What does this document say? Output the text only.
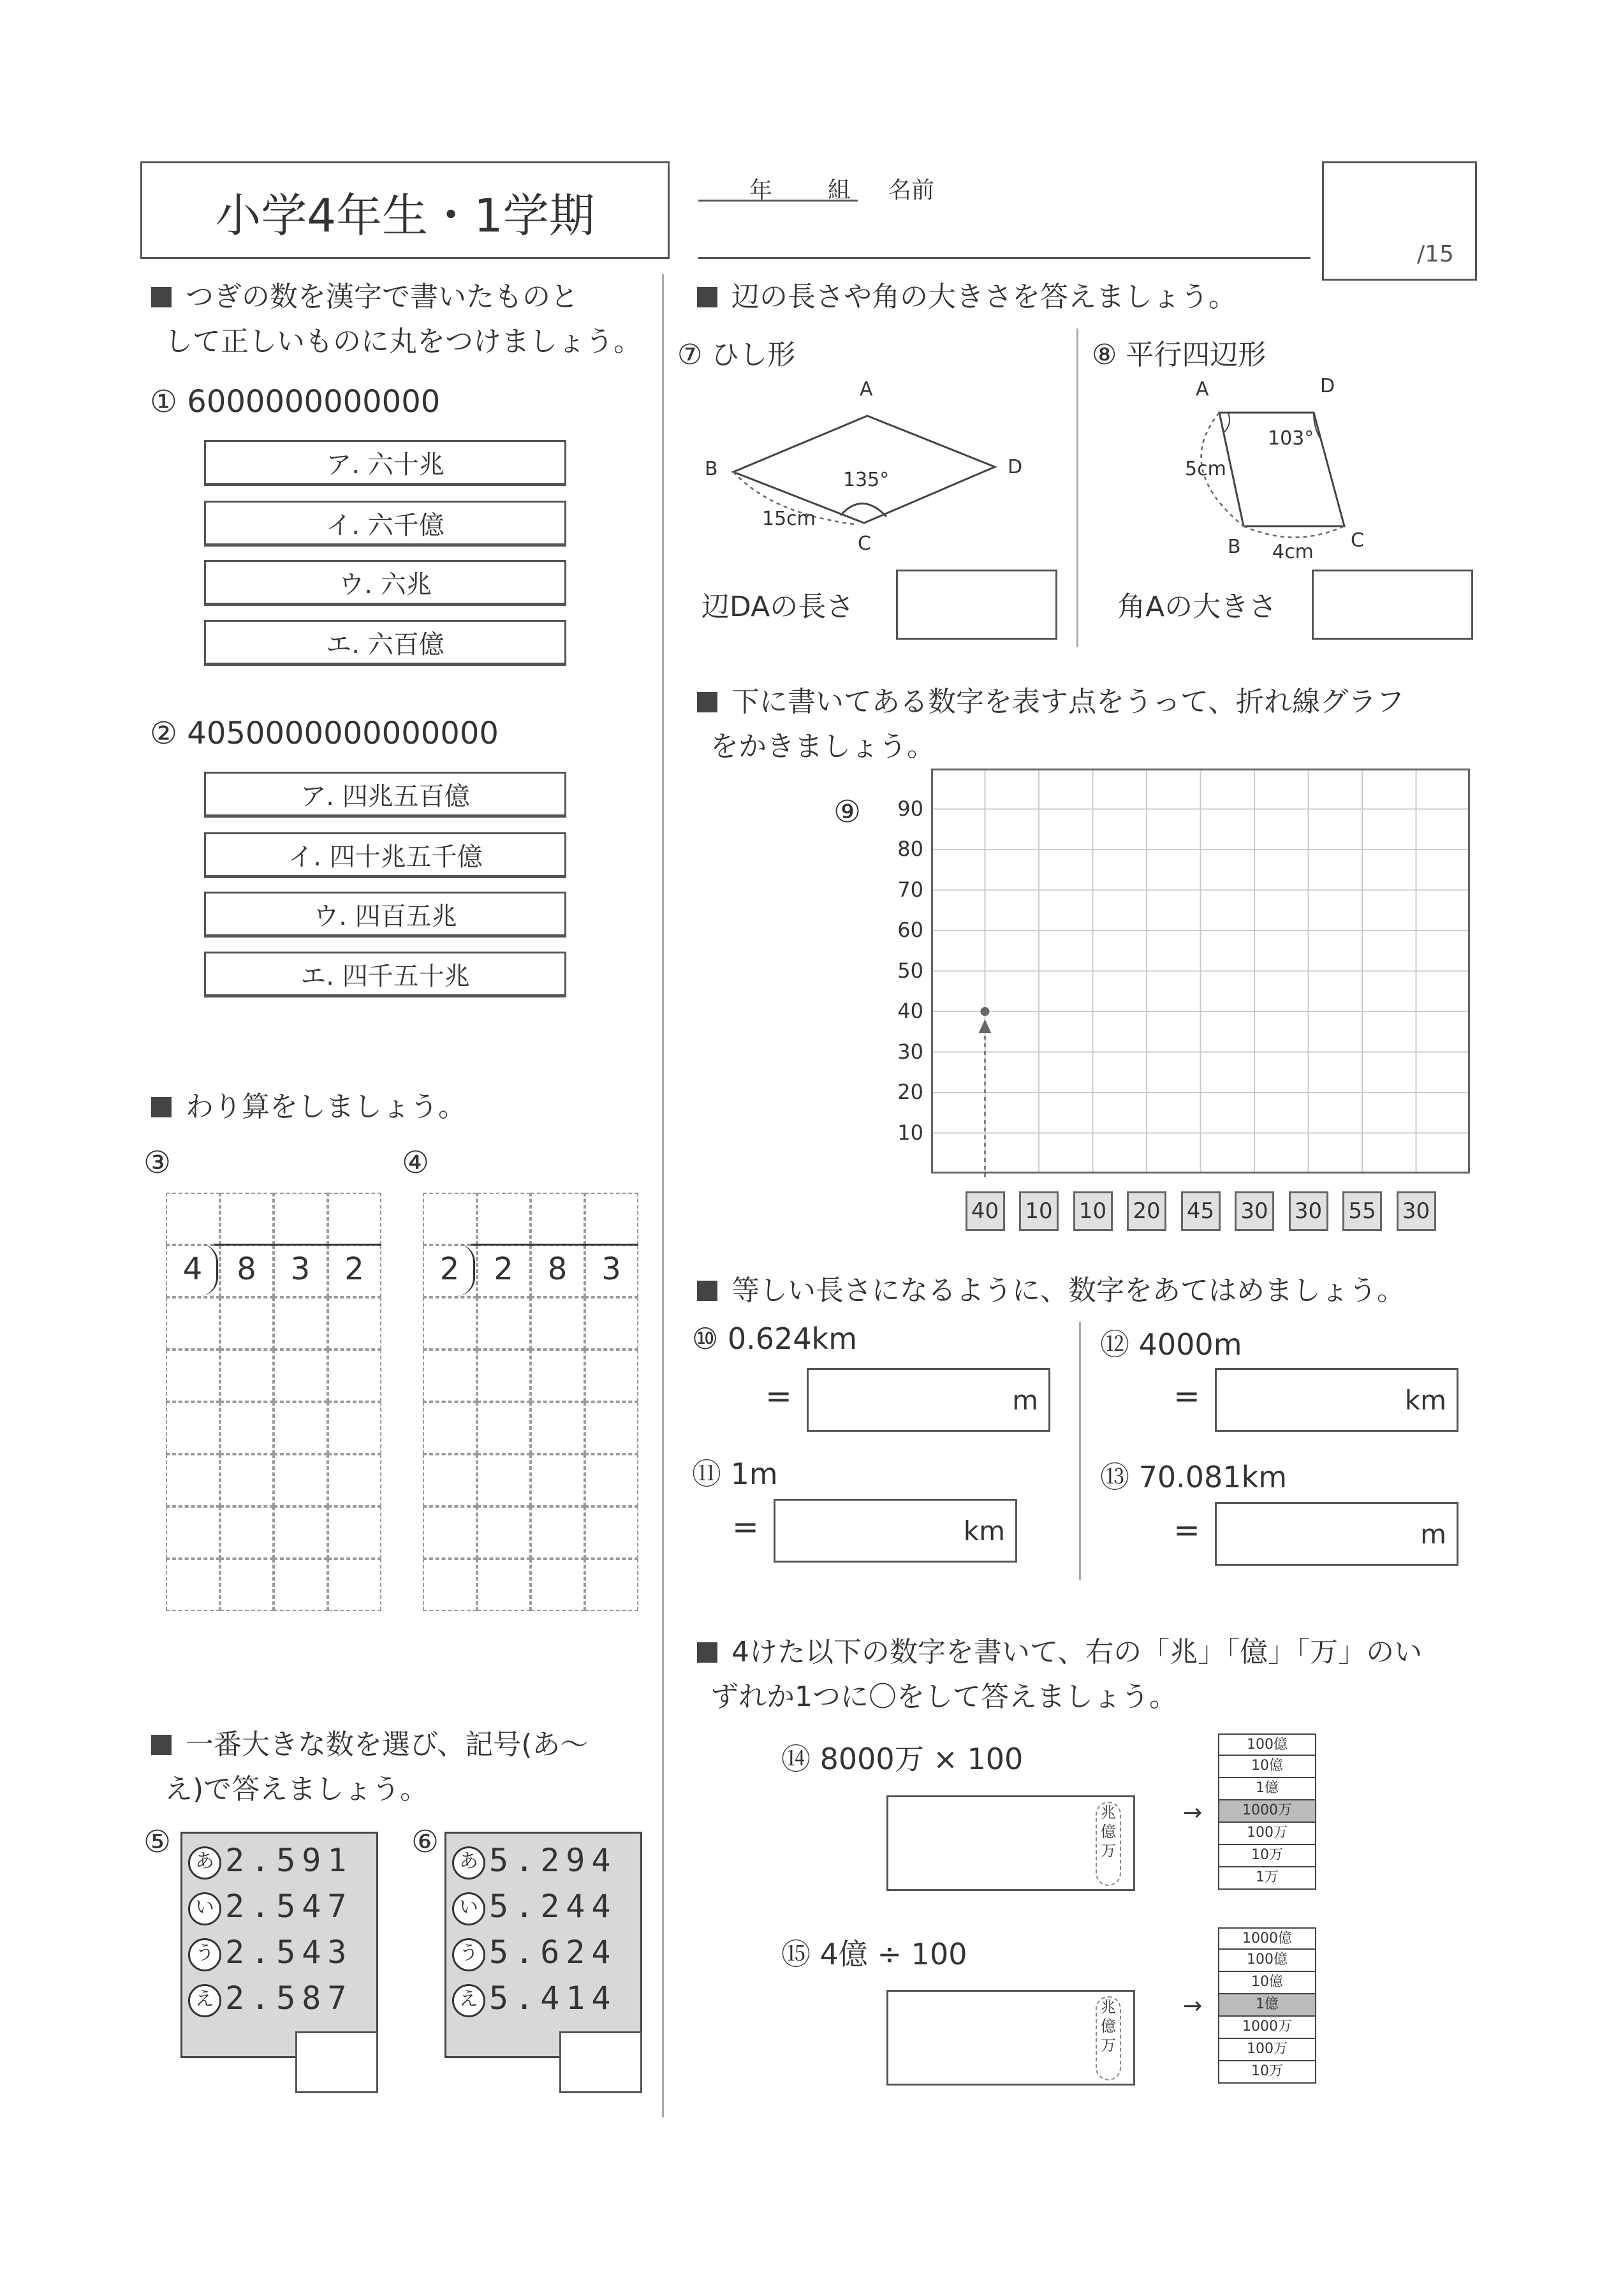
小学4年生・1学期	年 組 名前
/15
つぎの数を漢字で書いたものと
して正しいものに丸をつけましょう。
① 6000000000000
ア. 六十兆
イ. 六千億
ウ. 六兆
エ. 六百億
② 4050000000000000
ア. 四兆五百億
イ. 四十兆五千億
ウ. 四百五兆
エ. 四千五十兆
わり算をしましょう。
③	④
4	8	3	2	2	2	8	3
一番大きな数を選び、記号(あ〜
え)で答えましょう。
⑤	⑥
あ 2.591
い 2.547
う 2.543
え 2.587
あ 5.294
い 5.244
う 5.624
え 5.414
辺の長さや角の大きさを答えましょう。
⑦ ひし形	⑧ 平行四辺形
A
B
C
D
135°
15cm
A	D
B	C
103°
5cm
4cm
辺DAの長さ	角Aの大きさ
下に書いてある数字を表す点をうって、折れ線グラフ
をかきましょう。
⑨
10
20
30
40
50
60
70
80
90
40 10 10 20 45 30 30 55 30
等しい長さになるように、数字をあてはめましょう。
⑩ 0.624km
=	m
⑪ 1m
=	km
⑫ 4000m
=	km
⑬ 70.081km
=	m
4けた以下の数字を書いて、右の「兆」「億」「万」のい
ずれか1つに〇をして答えましょう。
⑭ 8000万 × 100
兆
億
万
→
100億
10億
1億
1000万
100万
10万
1万
⑮ 4億 ÷ 100
兆
億
万
→
1000億
100億
10億
1億
1000万
100万
10万
